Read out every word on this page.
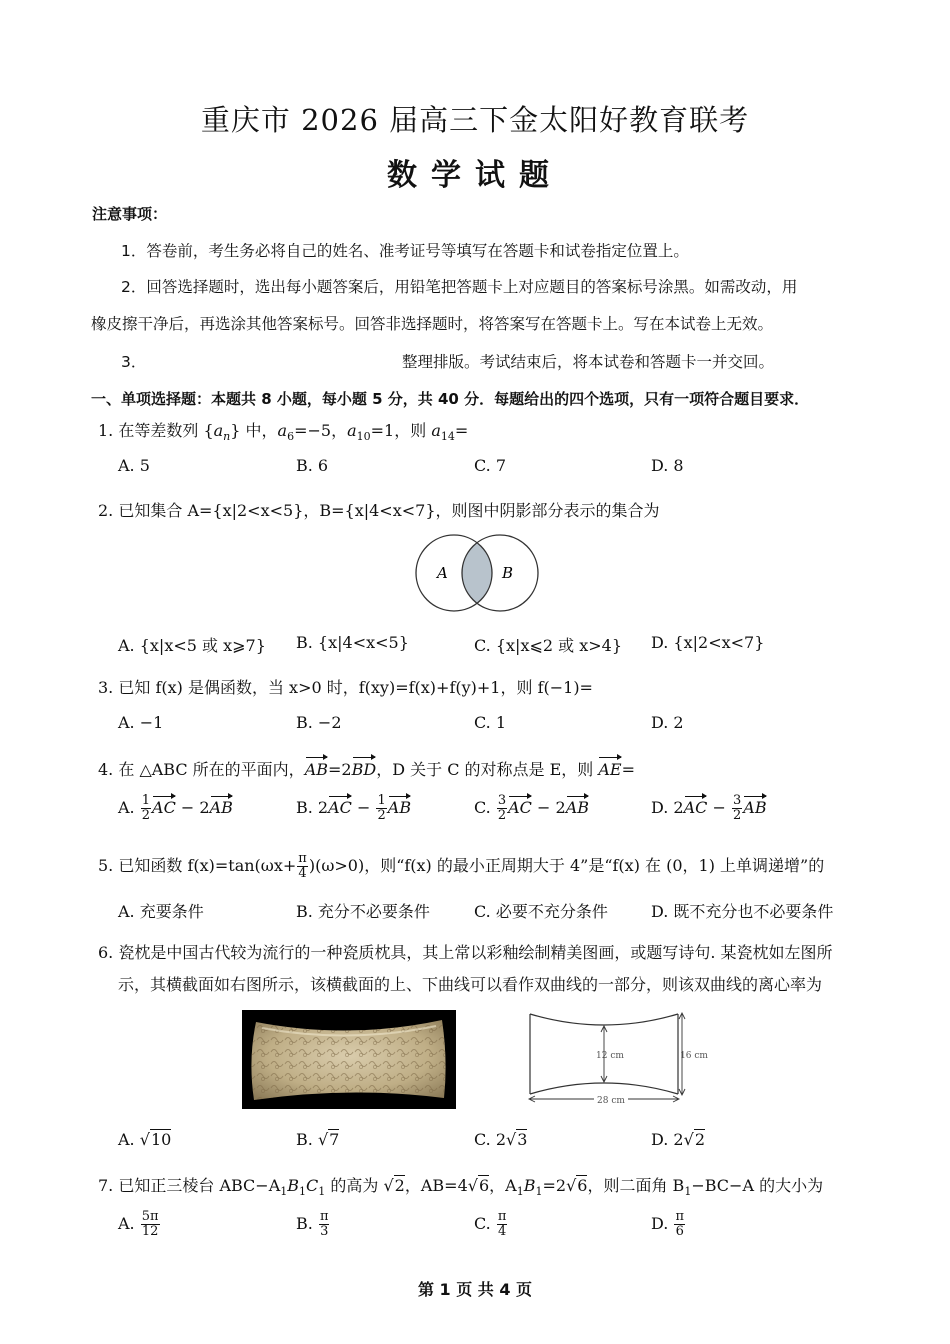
重庆市 2026 届高三下金太阳好教育联考
数学试题
注意事项：
1．答卷前，考生务必将自己的姓名、准考证号等填写在答题卡和试卷指定位置上。
2．回答选择题时，选出每小题答案后，用铅笔把答题卡上对应题目的答案标号涂黑。如需改动，用
橡皮擦干净后，再选涂其他答案标号。回答非选择题时，将答案写在答题卡上。写在本试卷上无效。
3．	整理排版。考试结束后，将本试卷和答题卡一并交回。
一、单项选择题：本题共 8 小题，每小题 5 分，共 40 分．每题给出的四个选项，只有一项符合题目要求．
1. 在等差数列 $\{a_n\}$ 中，$a_6=-5$，$a_{10}=1$，则 $a_{14}=$
A. 5	B. 6	C. 7	D. 8
2. 已知集合 A={x|2<x<5}，B={x|4<x<7}，则图中阴影部分表示的集合为
A	B
A. {x|x<5 或 x⩾7} B. {x|4<x<5}	C. {x|x⩽2 或 x>4} D. {x|2<x<7}
3. 已知 f(x) 是偶函数，当 x>0 时，f(xy)=f(x)+f(y)+1，则 f(−1)=
A. −1	B. −2	C. 1	D. 2
4. 在 △ABC 所在的平面内，AB=2BD，D 关于 C 的对称点是 E，则 AE=
A. $\frac{1}{2}$ AC − 2AB	B. $2AC - \frac{1}{2}$ AB	C. $\frac{3}{2}$ AC − 2AB	D. $2AC - \frac{3}{2}$ AB
5. 已知函数 $f(x)=\tan(\omega x+ \frac{\pi}{4} )(\omega>0)$，则“f(x) 的最小正周期大于 4”是“f(x) 在 (0，1) 上单调递增”的
A. 充要条件	B. 充分不必要条件	C. 必要不充分条件	D. 既不充分也不必要条件
6. 瓷枕是中国古代较为流行的一种瓷质枕具，其上常以彩釉绘制精美图画，或题写诗句. 某瓷枕如左图所
示，其横截面如右图所示，该横截面的上、下曲线可以看作双曲线的一部分，则该双曲线的离心率为
12 cm	16 cm
28 cm
A. √10	B. √7	C. 2√3	D. 2√2
7. 已知正三棱台 $ABC-A_1B_1C_1$ 的高为 √2，AB=4√6，$A_1B_1=2√6$，则二面角 $B_1-BC-A$ 的大小为
A. $\frac{5\pi}{12}$	B. $\frac{\pi}{3}$	C. $\frac{\pi}{4}$	D. $\frac{\pi}{6}$
第 1 页 共 4 页
